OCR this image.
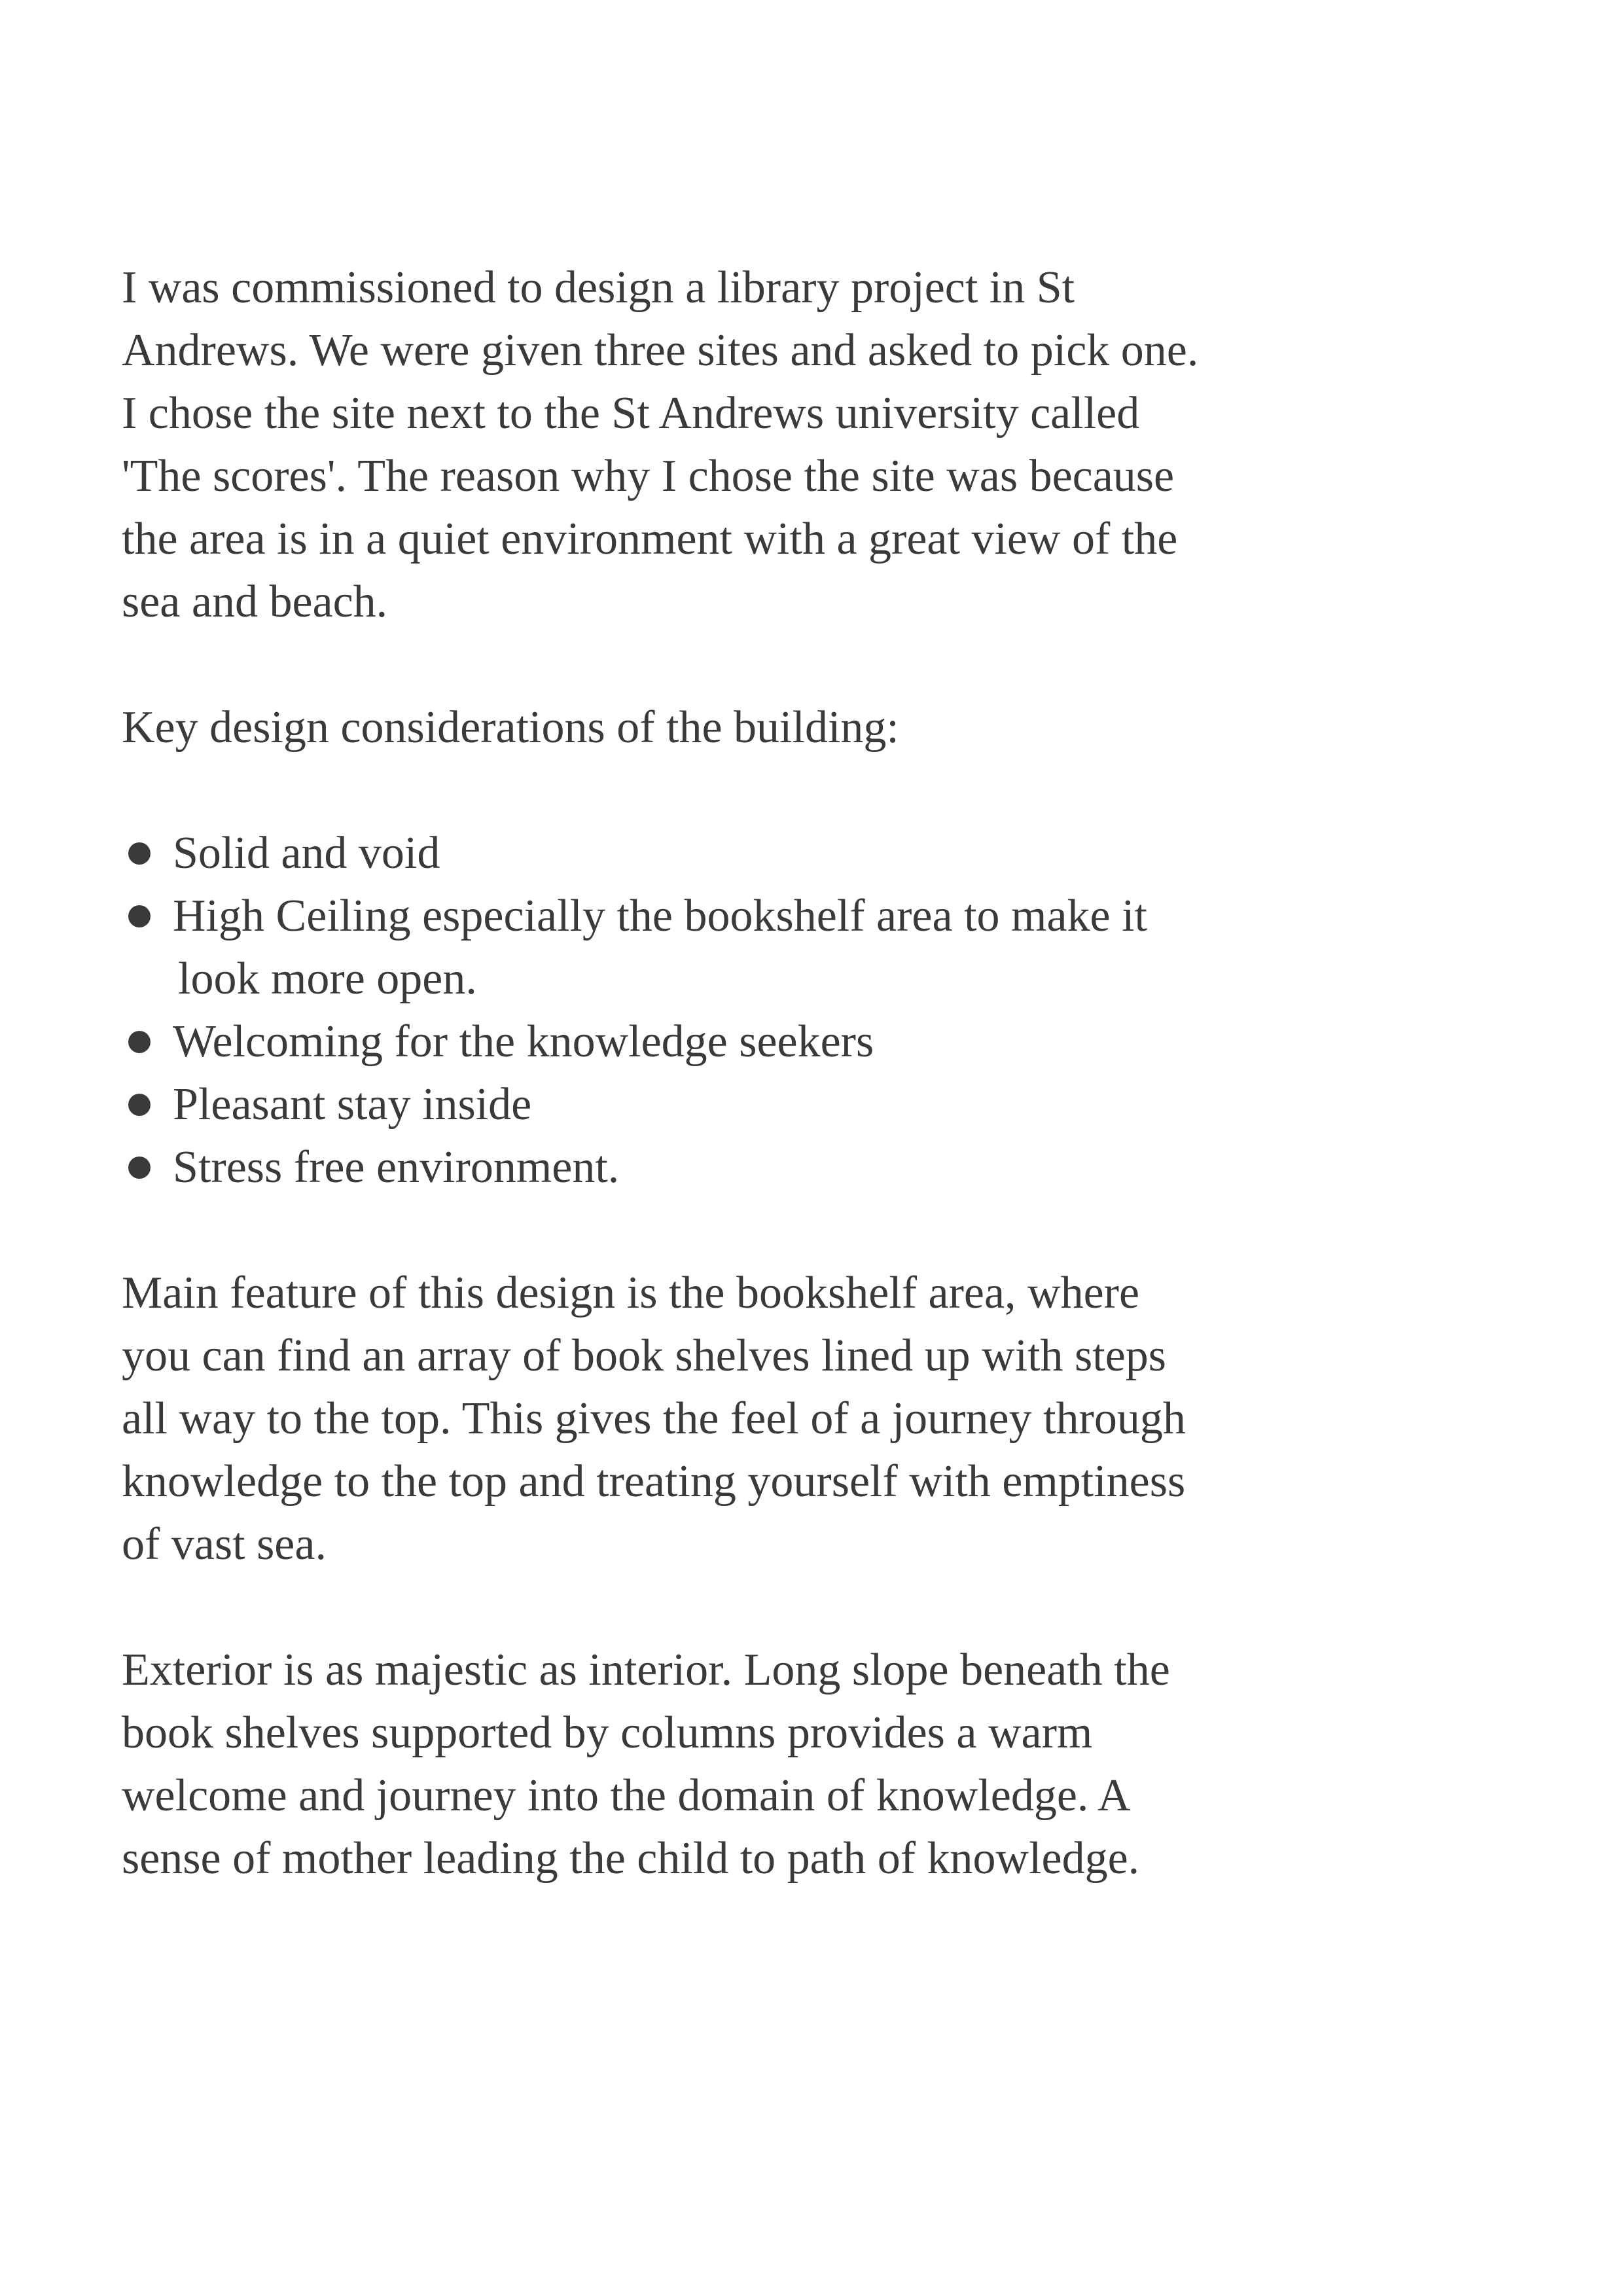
I was commissioned to design a library project in St
Andrews. We were given three sites and asked to pick one.
I chose the site next to the St Andrews university called
'The scores'. The reason why I chose the site was because
the area is in a quiet environment with a great view of the
sea and beach.

Key design considerations of the building:

Solid and void
High Ceiling especially the bookshelf area to make it
look more open.
Welcoming for the knowledge seekers
Pleasant stay inside
Stress free environment.

Main feature of this design is the bookshelf area, where
you can find an array of book shelves lined up with steps
all way to the top. This gives the feel of a journey through
knowledge to the top and treating yourself with emptiness
of vast sea.

Exterior is as majestic as interior. Long slope beneath the
book shelves supported by columns provides a warm
welcome and journey into the domain of knowledge. A
sense of mother leading the child to path of knowledge.
